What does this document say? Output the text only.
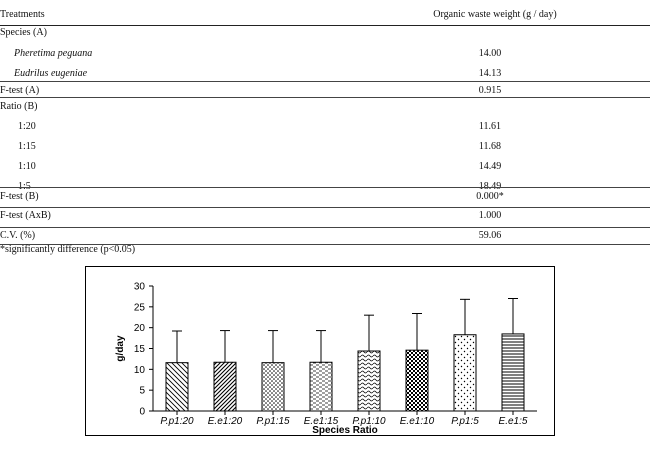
Treatments	Organic waste weight (g / day)
Species (A)
Pheretima peguana	14.00
Eudrilus eugeniae	14.13
F-test (A)	0.915
Ratio (B)
1:20	11.61
1:15	11.68
1:10	14.49
1:5	18.49
F-test (B)	0.000*
F-test (AxB)	1.000
C.V. (%)	59.06
*significantly difference (p<0.05)
0
5
10
15
20
25
30
P.p1:20 E.e1:20 P.p1:15 E.e1:15 P.p1:10 E.e1:10 P.p1:5 E.e1:5
Species Ratio
g/day
